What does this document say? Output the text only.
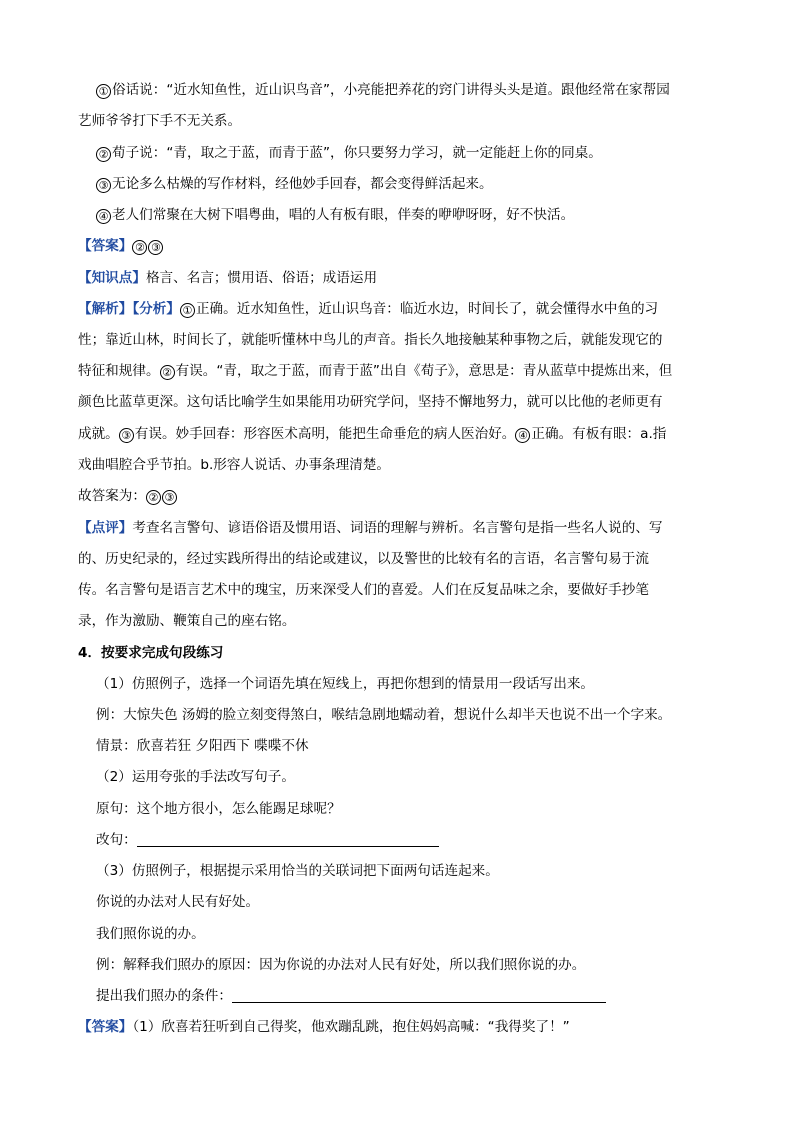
① 俗话说：“近水知鱼性，近山识鸟音”，小亮能把养花的窍门讲得头头是道。跟他经常在家帮园
艺师爷爷打下手不无关系。
② 荀子说：“青，取之于蓝，而青于蓝”，你只要努力学习，就一定能赶上你的同桌。
③ 无论多么枯燥的写作材料，经他妙手回春，都会变得鲜活起来。
④ 老人们常聚在大树下唱粤曲，唱的人有板有眼，伴奏的咿咿呀呀，好不快活。
【答案】 ② ③
【知识点】格言、名言；惯用语、俗语；成语运用
【解析】【分析】 ① 正确。近水知鱼性，近山识鸟音：临近水边，时间长了，就会懂得水中鱼的习
性；靠近山林，时间长了，就能听懂林中鸟儿的声音。指长久地接触某种事物之后，就能发现它的
特征和规律。 ② 有误。“青，取之于蓝，而青于蓝”出自《荀子》，意思是：青从蓝草中提炼出来，但
颜色比蓝草更深。这句话比喻学生如果能用功研究学问，坚持不懈地努力，就可以比他的老师更有
成就。 ③ 有误。妙手回春：形容医术高明，能把生命垂危的病人医治好。 ④ 正确。有板有眼：a.指
戏曲唱腔合乎节拍。b.形容人说话、办事条理清楚。
故答案为： ② ③
【点评】考查名言警句、谚语俗语及惯用语、词语的理解与辨析。名言警句是指一些名人说的、写
的、历史纪录的，经过实践所得出的结论或建议，以及警世的比较有名的言语，名言警句易于流
传。名言警句是语言艺术中的瑰宝，历来深受人们的喜爱。人们在反复品味之余，要做好手抄笔
录，作为激励、鞭策自己的座右铭。
4．按要求完成句段练习
（1）仿照例子，选择一个词语先填在短线上，再把你想到的情景用一段话写出来。
例：大惊失色 汤姆的脸立刻变得煞白，喉结急剧地蠕动着，想说什么却半天也说不出一个字来。
情景：欣喜若狂 夕阳西下 喋喋不休
（2）运用夸张的手法改写句子。
原句：这个地方很小，怎么能踢足球呢？
改句：
（3）仿照例子，根据提示采用恰当的关联词把下面两句话连起来。
你说的办法对人民有好处。
我们照你说的办。
例：解释我们照办的原因：因为你说的办法对人民有好处，所以我们照你说的办。
提出我们照办的条件：
【答案】（1）欣喜若狂听到自己得奖，他欢蹦乱跳，抱住妈妈高喊：“我得奖了！”
